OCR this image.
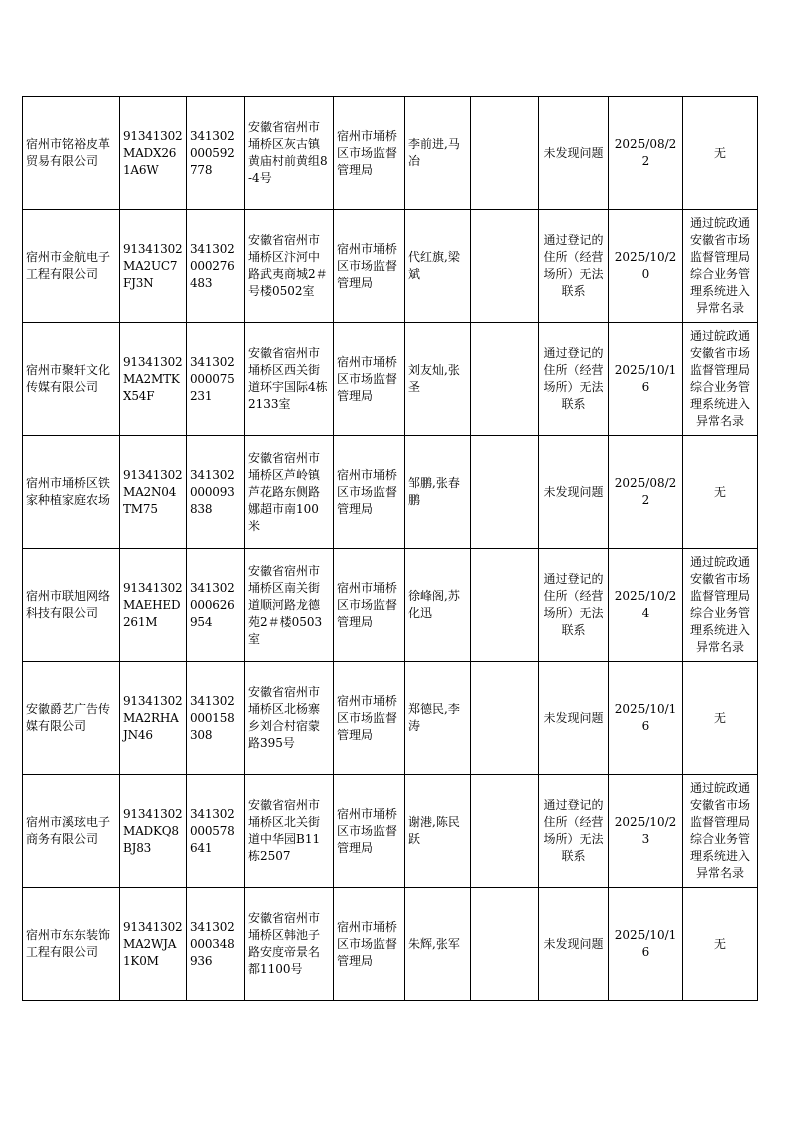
宿州市铭裕皮革贸易有限公司	91341302MADX261A6W	341302000592778	安徽省宿州市埇桥区灰古镇黄庙村前黄组8-4号	宿州市埇桥区市场监督管理局	李前进,马冶		未发现问题	2025/08/22	无
宿州市金航电子工程有限公司	91341302MA2UC7FJ3N	341302000276483	安徽省宿州市埇桥区汴河中路武夷商城2＃号楼0502室	宿州市埇桥区市场监督管理局	代红旗,梁斌		通过登记的住所（经营场所）无法联系	2025/10/20	通过皖政通安徽省市场监督管理局综合业务管理系统进入异常名录
宿州市聚轩文化传媒有限公司	91341302MA2MTKX54F	341302000075231	安徽省宿州市埇桥区西关街道环宇国际4栋2133室	宿州市埇桥区市场监督管理局	刘友灿,张圣		通过登记的住所（经营场所）无法联系	2025/10/16	通过皖政通安徽省市场监督管理局综合业务管理系统进入异常名录
宿州市埇桥区铁家种植家庭农场	91341302MA2N04TM75	341302000093838	安徽省宿州市埇桥区芦岭镇芦花路东侧路娜超市南100米	宿州市埇桥区市场监督管理局	邹鹏,张春鹏		未发现问题	2025/08/22	无
宿州市联旭网络科技有限公司	91341302MAEHED261M	341302000626954	安徽省宿州市埇桥区南关街道顺河路龙德苑2＃楼0503室	宿州市埇桥区市场监督管理局	徐峰阁,苏化迅		通过登记的住所（经营场所）无法联系	2025/10/24	通过皖政通安徽省市场监督管理局综合业务管理系统进入异常名录
安徽爵艺广告传媒有限公司	91341302MA2RHAJN46	341302000158308	安徽省宿州市埇桥区北杨寨乡刘合村宿蒙路395号	宿州市埇桥区市场监督管理局	郑德民,李涛		未发现问题	2025/10/16	无
宿州市溪玹电子商务有限公司	91341302MADKQ8BJ83	341302000578641	安徽省宿州市埇桥区北关街道中华园B11栋2507	宿州市埇桥区市场监督管理局	谢港,陈民跃		通过登记的住所（经营场所）无法联系	2025/10/23	通过皖政通安徽省市场监督管理局综合业务管理系统进入异常名录
宿州市东东装饰工程有限公司	91341302MA2WJA1K0M	341302000348936	安徽省宿州市埇桥区韩池子路安度帝景名都1100号	宿州市埇桥区市场监督管理局	朱辉,张军		未发现问题	2025/10/16	无
